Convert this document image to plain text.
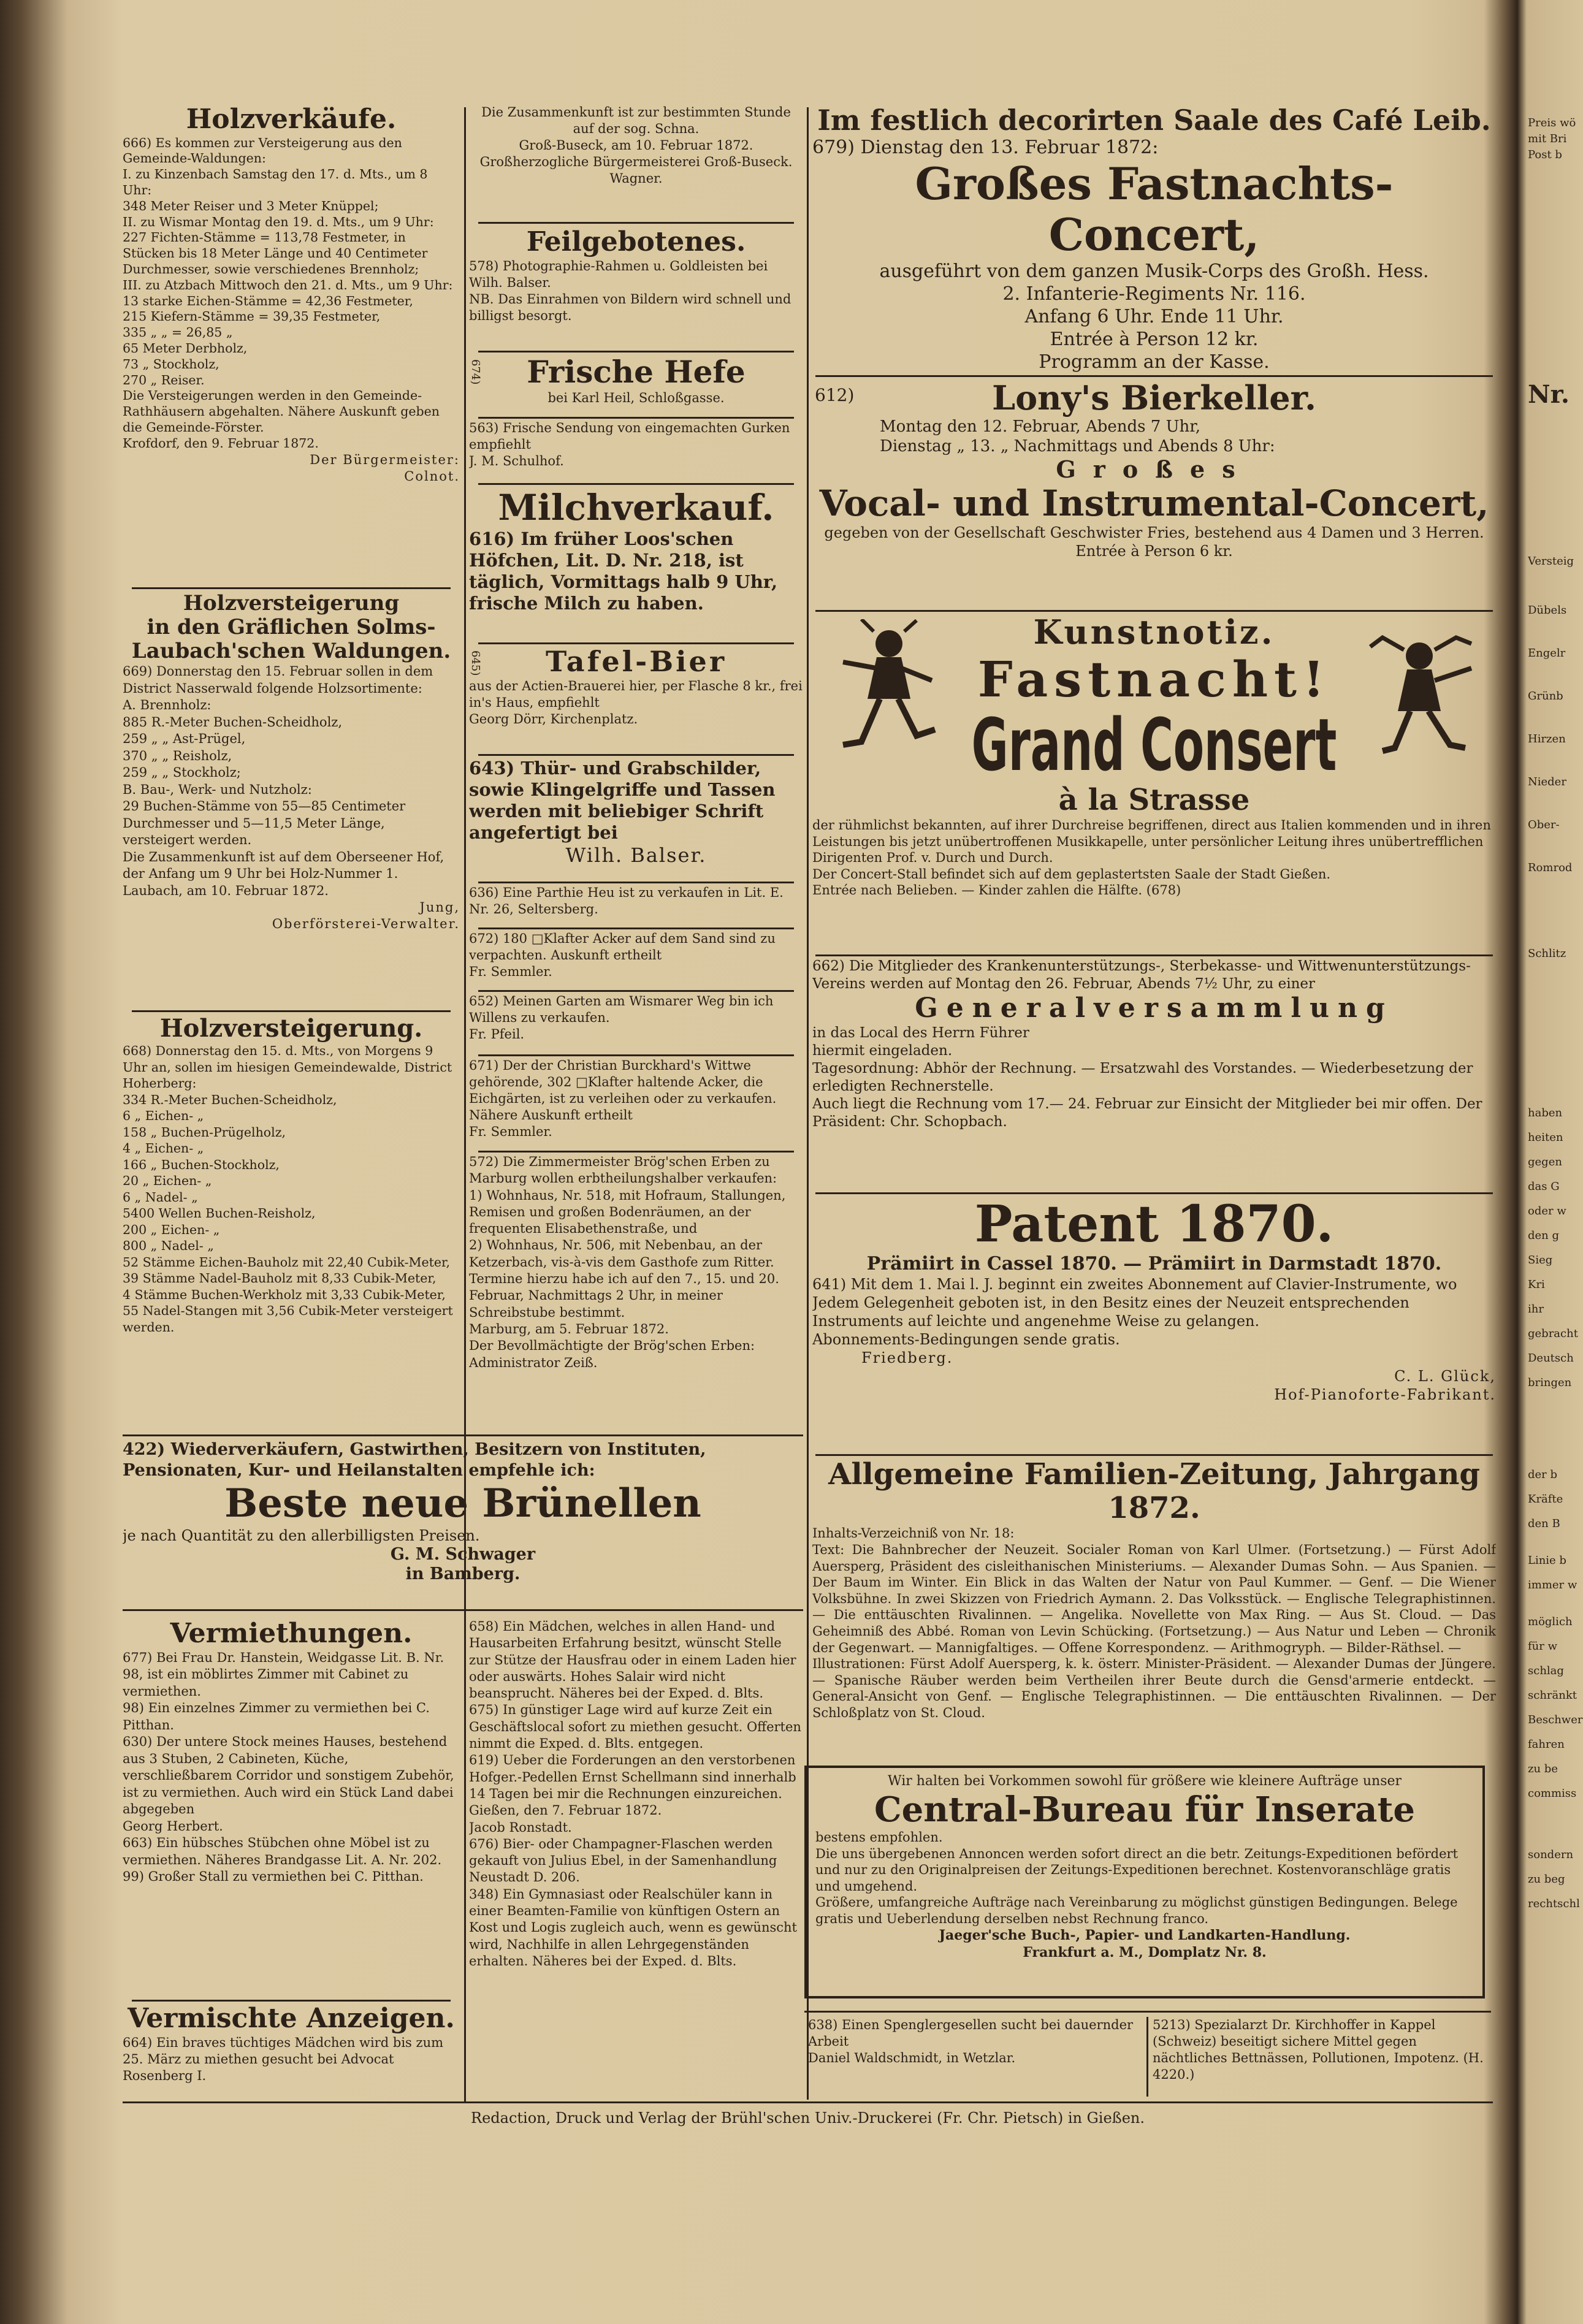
Holzverkäufe.
666) Es kommen zur Versteigerung aus den Gemeinde-Waldungen:
I. zu Kinzenbach Samstag den 17. d. Mts., um 8 Uhr:
348 Meter Reiser und 3 Meter Knüppel;
II. zu Wismar Montag den 19. d. Mts., um 9 Uhr:
227 Fichten-Stämme = 113,78 Festmeter, in Stücken bis 18 Meter Länge und 40 Centimeter Durchmesser, sowie verschiedenes Brennholz;
III. zu Atzbach Mittwoch den 21. d. Mts., um 9 Uhr:
13 starke Eichen-Stämme = 42,36 Festmeter,
215 Kiefern-Stämme = 39,35 Festmeter,
335 „ „ = 26,85 „
65 Meter Derbholz,
73 „ Stockholz,
270 „ Reiser.
Die Versteigerungen werden in den Gemeinde-Rathhäusern abgehalten. Nähere Auskunft geben die Gemeinde-Förster.
Krofdorf, den 9. Februar 1872.
Der Bürgermeister:
Colnot.
Holzversteigerung
in den Gräflichen Solms-Laubach'schen Waldungen.
669) Donnerstag den 15. Februar sollen in dem District Nasserwald folgende Holzsortimente:
A. Brennholz:
885 R.-Meter Buchen-Scheidholz,
259 „ „ Ast-Prügel,
370 „ „ Reisholz,
259 „ „ Stockholz;
B. Bau-, Werk- und Nutzholz:
29 Buchen-Stämme von 55—85 Centimeter Durchmesser und 5—11,5 Meter Länge,
versteigert werden.
Die Zusammenkunft ist auf dem Oberseener Hof, der Anfang um 9 Uhr bei Holz-Nummer 1.
Laubach, am 10. Februar 1872.
Jung,
Oberförsterei-Verwalter.
Holzversteigerung.
668) Donnerstag den 15. d. Mts., von Morgens 9 Uhr an, sollen im hiesigen Gemeindewalde, District Hoherberg:
334 R.-Meter Buchen-Scheidholz,
6 „ Eichen- „
158 „ Buchen-Prügelholz,
4 „ Eichen- „
166 „ Buchen-Stockholz,
20 „ Eichen- „
6 „ Nadel- „
5400 Wellen Buchen-Reisholz,
200 „ Eichen- „
800 „ Nadel- „
52 Stämme Eichen-Bauholz mit 22,40 Cubik-Meter,
39 Stämme Nadel-Bauholz mit 8,33 Cubik-Meter,
4 Stämme Buchen-Werkholz mit 3,33 Cubik-Meter,
55 Nadel-Stangen mit 3,56 Cubik-Meter versteigert werden.
Die Zusammenkunft ist zur bestimmten Stunde auf der sog. Schna.
Groß-Buseck, am 10. Februar 1872.
Großherzogliche Bürgermeisterei Groß-Buseck.
Wagner.
Feilgebotenes.
578) Photographie-Rahmen u. Goldleisten bei Wilh. Balser.
NB. Das Einrahmen von Bildern wird schnell und billigst besorgt.
674)	Frische Hefe
bei Karl Heil, Schloßgasse.
563) Frische Sendung von eingemachten Gurken empfiehlt
J. M. Schulhof.
Milchverkauf.
616) Im früher Loos'schen Höfchen, Lit. D. Nr. 218, ist täglich, Vormittags halb 9 Uhr, frische Milch zu haben.
645)	Tafel-Bier
aus der Actien-Brauerei hier, per Flasche 8 kr., frei in's Haus, empfiehlt
Georg Dörr, Kirchenplatz.
643) Thür- und Grabschilder, sowie Klingelgriffe und Tassen werden mit beliebiger Schrift angefertigt bei
Wilh. Balser.
636) Eine Parthie Heu ist zu verkaufen in Lit. E. Nr. 26, Seltersberg.
672) 180 □Klafter Acker auf dem Sand sind zu verpachten. Auskunft ertheilt
Fr. Semmler.
652) Meinen Garten am Wismarer Weg bin ich Willens zu verkaufen.
Fr. Pfeil.
671) Der der Christian Burckhard's Wittwe gehörende, 302 □Klafter haltende Acker, die Eichgärten, ist zu verleihen oder zu verkaufen. Nähere Auskunft ertheilt
Fr. Semmler.
572) Die Zimmermeister Brög'schen Erben zu Marburg wollen erbtheilungshalber verkaufen:
1) Wohnhaus, Nr. 518, mit Hofraum, Stallungen, Remisen und großen Bodenräumen, an der frequenten Elisabethenstraße, und
2) Wohnhaus, Nr. 506, mit Nebenbau, an der Ketzerbach, vis-à-vis dem Gasthofe zum Ritter.
Termine hierzu habe ich auf den 7., 15. und 20. Februar, Nachmittags 2 Uhr, in meiner Schreibstube bestimmt.
Marburg, am 5. Februar 1872.
Der Bevollmächtigte der Brög'schen Erben: Administrator Zeiß.
422) Wiederverkäufern, Gastwirthen, Besitzern von Instituten, Pensionaten, Kur- und Heilanstalten empfehle ich:
Beste neue Brünellen
je nach Quantität zu den allerbilligsten Preisen.
G. M. Schwager
in Bamberg.
Vermiethungen.
677) Bei Frau Dr. Hanstein, Weidgasse Lit. B. Nr. 98, ist ein möblirtes Zimmer mit Cabinet zu vermiethen.
98) Ein einzelnes Zimmer zu vermiethen bei C. Pitthan.
630) Der untere Stock meines Hauses, bestehend aus 3 Stuben, 2 Cabineten, Küche, verschließbarem Corridor und sonstigem Zubehör, ist zu vermiethen. Auch wird ein Stück Land dabei abgegeben
Georg Herbert.
663) Ein hübsches Stübchen ohne Möbel ist zu vermiethen. Näheres Brandgasse Lit. A. Nr. 202.
99) Großer Stall zu vermiethen bei C. Pitthan.
Vermischte Anzeigen.
664) Ein braves tüchtiges Mädchen wird bis zum 25. März zu miethen gesucht bei Advocat Rosenberg I.
658) Ein Mädchen, welches in allen Hand- und Hausarbeiten Erfahrung besitzt, wünscht Stelle zur Stütze der Hausfrau oder in einem Laden hier oder auswärts. Hohes Salair wird nicht beansprucht. Näheres bei der Exped. d. Blts.
675) In günstiger Lage wird auf kurze Zeit ein Geschäftslocal sofort zu miethen gesucht. Offerten nimmt die Exped. d. Blts. entgegen.
619) Ueber die Forderungen an den verstorbenen Hofger.-Pedellen Ernst Schellmann sind innerhalb 14 Tagen bei mir die Rechnungen einzureichen.
Gießen, den 7. Februar 1872.
Jacob Ronstadt.
676) Bier- oder Champagner-Flaschen werden gekauft von Julius Ebel, in der Samenhandlung Neustadt D. 206.
348) Ein Gymnasiast oder Realschüler kann in einer Beamten-Familie von künftigen Ostern an Kost und Logis zugleich auch, wenn es gewünscht wird, Nachhilfe in allen Lehrgegenständen erhalten. Näheres bei der Exped. d. Blts.
Im festlich decorirten Saale des Café Leib.
679) Dienstag den 13. Februar 1872:
Großes Fastnachts-Concert,
ausgeführt von dem ganzen Musik-Corps des Großh. Hess.
2. Infanterie-Regiments Nr. 116.
Anfang 6 Uhr. Ende 11 Uhr.
Entrée à Person 12 kr.
Programm an der Kasse.
612)	Lony's Bierkeller.
Montag den 12. Februar, Abends 7 Uhr,
Dienstag „ 13. „ Nachmittags und Abends 8 Uhr:
Großes
Vocal- und Instrumental-Concert,
gegeben von der Gesellschaft Geschwister Fries, bestehend aus 4 Damen und 3 Herren.
Entrée à Person 6 kr.
Kunstnotiz.
Fastnacht!
Grand Consert
à la Strasse
der rühmlichst bekannten, auf ihrer Durchreise begriffenen, direct aus Italien kommenden und in ihren Leistungen bis jetzt unübertroffenen Musikkapelle, unter persönlicher Leitung ihres unübertrefflichen Dirigenten Prof. v. Durch und Durch.
Der Concert-Stall befindet sich auf dem geplastertsten Saale der Stadt Gießen.
Entrée nach Belieben. — Kinder zahlen die Hälfte. (678)
662) Die Mitglieder des Krankenunterstützungs-, Sterbekasse- und Wittwenunterstützungs-Vereins werden auf Montag den 26. Februar, Abends 7½ Uhr, zu einer
Generalversammlung
in das Local des Herrn Führer
hiermit eingeladen.
Tagesordnung: Abhör der Rechnung. — Ersatzwahl des Vorstandes. — Wiederbesetzung der erledigten Rechnerstelle.
Auch liegt die Rechnung vom 17.— 24. Februar zur Einsicht der Mitglieder bei mir offen. Der Präsident: Chr. Schopbach.
Patent 1870.
Prämiirt in Cassel 1870. — Prämiirt in Darmstadt 1870.
641) Mit dem 1. Mai l. J. beginnt ein zweites Abonnement auf Clavier-Instrumente, wo Jedem Gelegenheit geboten ist, in den Besitz eines der Neuzeit entsprechenden Instruments auf leichte und angenehme Weise zu gelangen.
Abonnements-Bedingungen sende gratis.
Friedberg.
C. L. Glück,
Hof-Pianoforte-Fabrikant.
Allgemeine Familien-Zeitung, Jahrgang 1872.
Inhalts-Verzeichniß von Nr. 18:
Text: Die Bahnbrecher der Neuzeit. Socialer Roman von Karl Ulmer. (Fortsetzung.) — Fürst Adolf Auersperg, Präsident des cisleithanischen Ministeriums. — Alexander Dumas Sohn. — Aus Spanien. — Der Baum im Winter. Ein Blick in das Walten der Natur von Paul Kummer. — Genf. — Die Wiener Volksbühne. In zwei Skizzen von Friedrich Aymann. 2. Das Volksstück. — Englische Telegraphistinnen. — Die enttäuschten Rivalinnen. — Angelika. Novellette von Max Ring. — Aus St. Cloud. — Das Geheimniß des Abbé. Roman von Levin Schücking. (Fortsetzung.) — Aus Natur und Leben — Chronik der Gegenwart. — Mannigfaltiges. — Offene Korrespondenz. — Arithmogryph. — Bilder-Räthsel. —
Illustrationen: Fürst Adolf Auersperg, k. k. österr. Minister-Präsident. — Alexander Dumas der Jüngere. — Spanische Räuber werden beim Vertheilen ihrer Beute durch die Gensd'armerie entdeckt. — General-Ansicht von Genf. — Englische Telegraphistinnen. — Die enttäuschten Rivalinnen. — Der Schloßplatz von St. Cloud.
Wir halten bei Vorkommen sowohl für größere wie kleinere Aufträge unser
Central-Bureau für Inserate
bestens empfohlen.
Die uns übergebenen Annoncen werden sofort direct an die betr. Zeitungs-Expeditionen befördert und nur zu den Originalpreisen der Zeitungs-Expeditionen berechnet. Kostenvoranschläge gratis und umgehend.
Größere, umfangreiche Aufträge nach Vereinbarung zu möglichst günstigen Bedingungen. Belege gratis und Ueberlendung derselben nebst Rechnung franco.
Jaeger'sche Buch-, Papier- und Landkarten-Handlung.
Frankfurt a. M., Domplatz Nr. 8.
638) Einen Spenglergesellen sucht bei dauernder Arbeit
Daniel Waldschmidt, in Wetzlar.
5213) Spezialarzt Dr. Kirchhoffer in Kappel (Schweiz) beseitigt sichere Mittel gegen nächtliches Bettnässen, Pollutionen, Impotenz. (H. 4220.)
Redaction, Druck und Verlag der Brühl'schen Univ.-Druckerei (Fr. Chr. Pietsch) in Gießen.
Nr.
Preis wö
mit Bri
Post b
Versteig
Dübels
Engelr
Grünb
Hirzen
Nieder
Ober-
Romrod
Schlitz
haben
heiten
gegen
das G
oder w
den g
Sieg
Kri
ihr
gebracht
Deutsch
bringen
der b
Kräfte
den B
Linie b
immer w
möglich
für w
schlag
schränkt
Beschwer
fahren
zu be
commiss
sondern
zu beg
rechtschl
